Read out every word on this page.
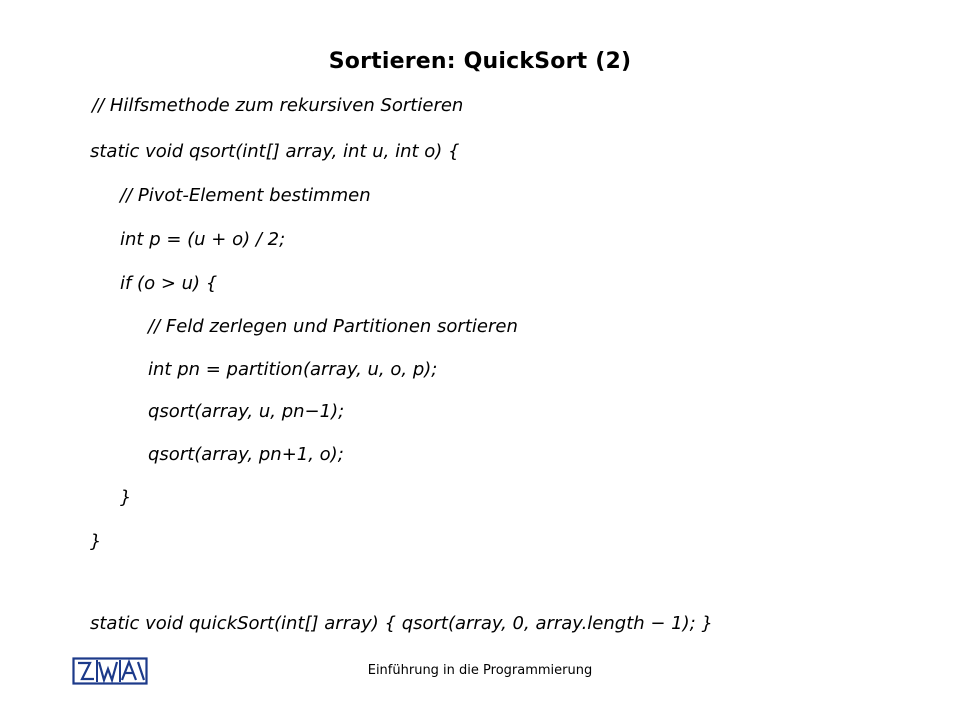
Sortieren: QuickSort (2)
// Hilfsmethode zum rekursiven Sortieren
static void qsort(int[] array, int u, int o) {
// Pivot-Element bestimmen
int p = (u + o) / 2;
if (o > u) {
// Feld zerlegen und Partitionen sortieren
int pn = partition(array, u, o, p);
qsort(array, u, pn−1);
qsort(array, pn+1, o);
}
}
static void quickSort(int[] array) { qsort(array, 0, array.length − 1); }
Einführung in die Programmierung
